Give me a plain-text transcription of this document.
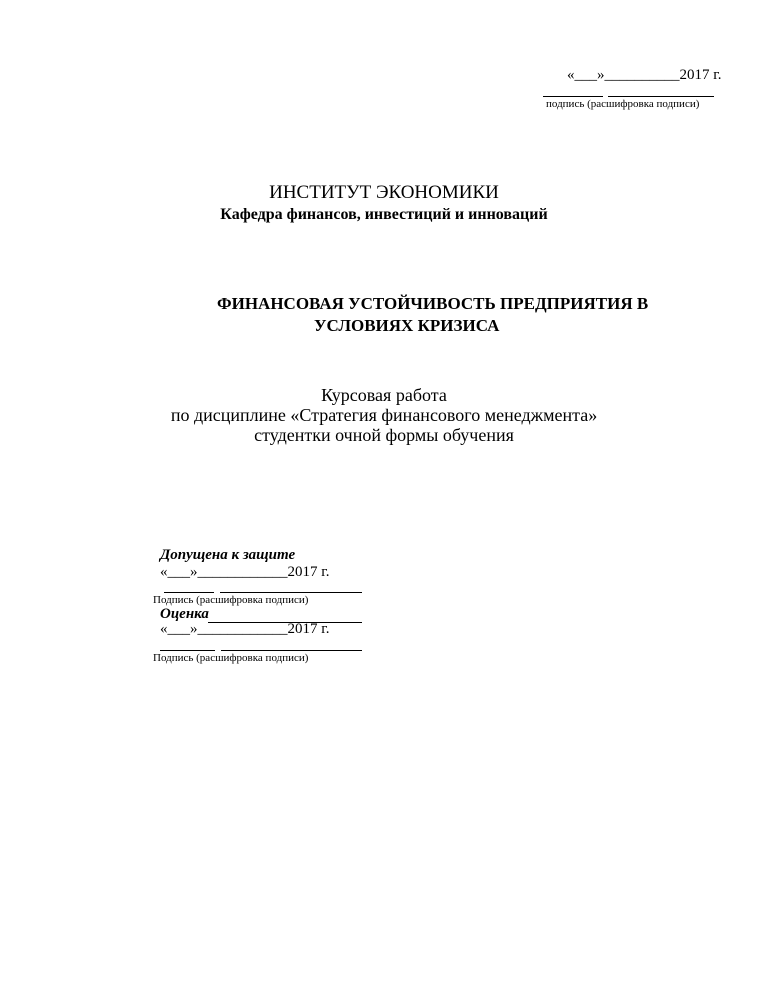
«___»__________2017 г.
подпись (расшифровка подписи)
ИНСТИТУТ ЭКОНОМИКИ
Кафедра финансов, инвестиций и инноваций
ФИНАНСОВАЯ УСТОЙЧИВОСТЬ ПРЕДПРИЯТИЯ В
УСЛОВИЯХ КРИЗИСА
Курсовая работа
по дисциплине «Стратегия финансового менеджмента»
студентки очной формы обучения
Допущена к защите
«___»____________2017 г.
Подпись (расшифровка подписи)
Оценка
«___»____________2017 г.
Подпись (расшифровка подписи)
